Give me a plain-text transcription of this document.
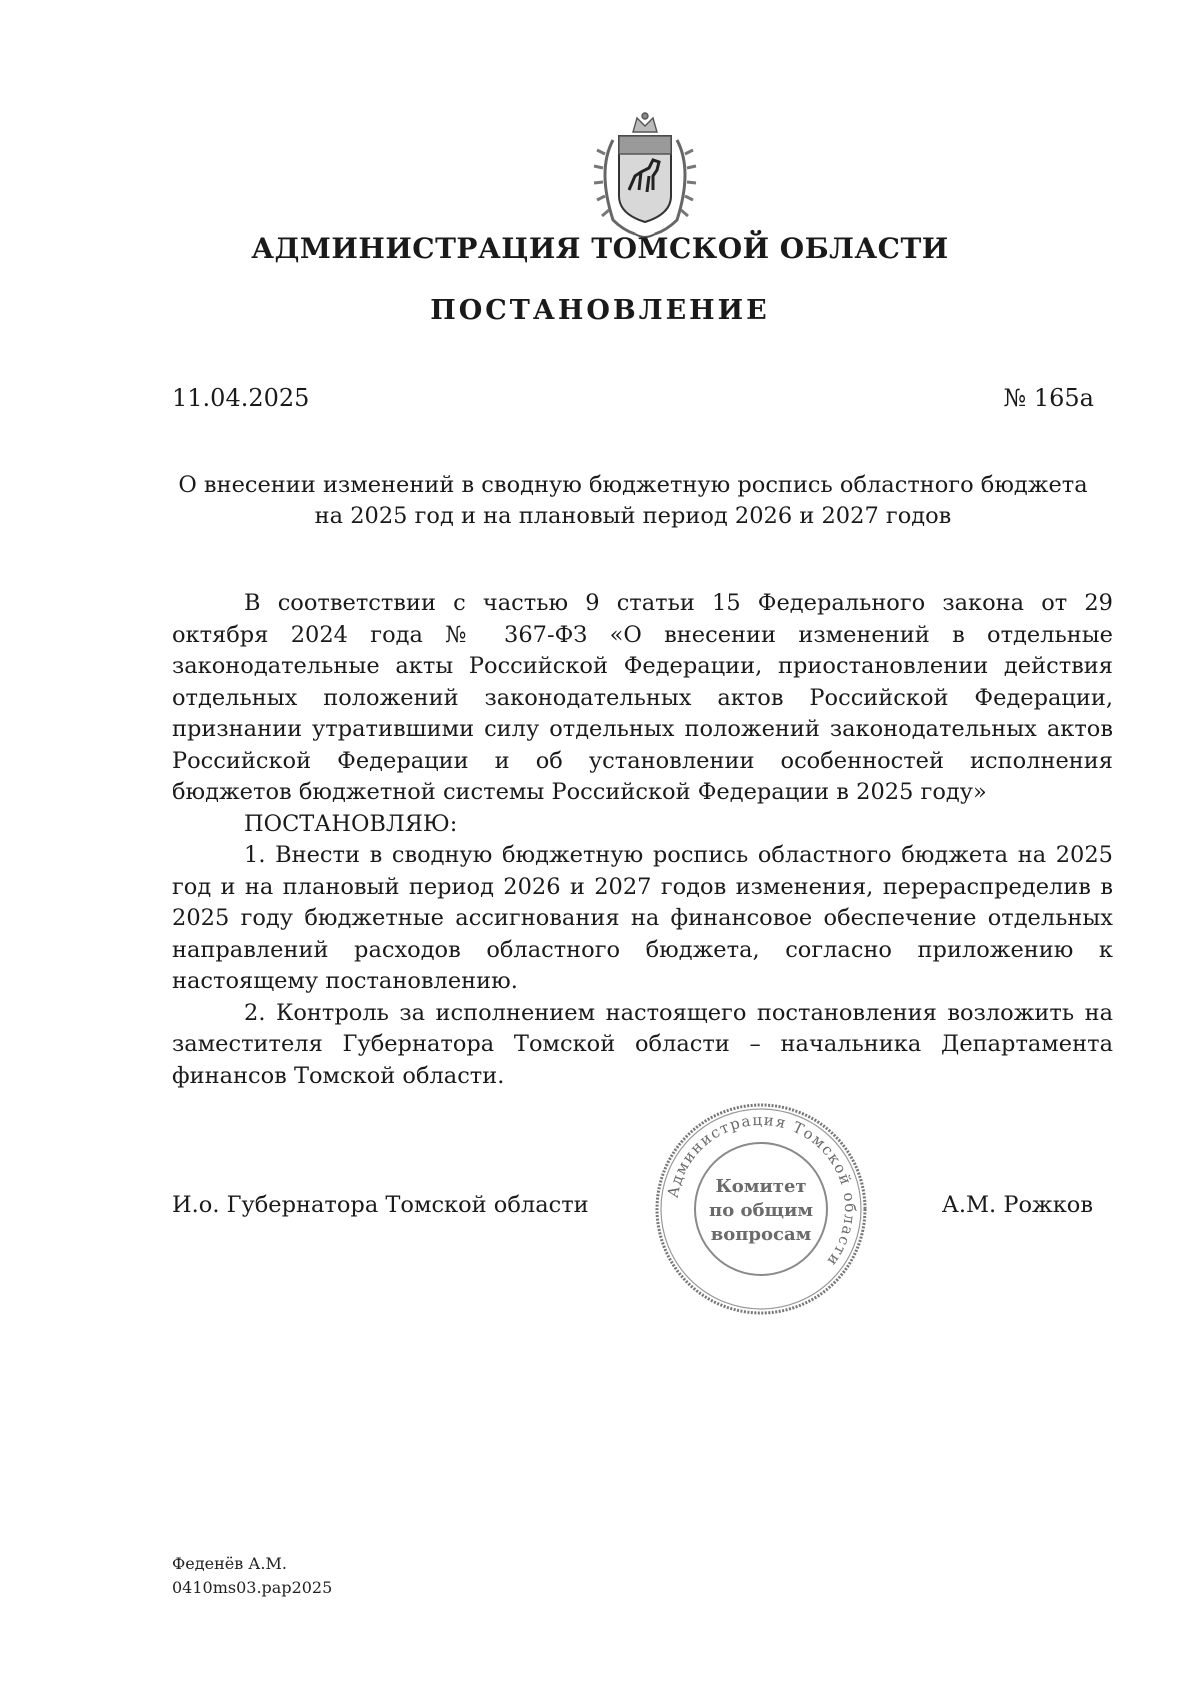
АДМИНИСТРАЦИЯ ТОМСКОЙ ОБЛАСТИ
ПОСТАНОВЛЕНИЕ
11.04.2025	№ 165а
О внесении изменений в сводную бюджетную роспись областного бюджета
на 2025 год и на плановый период 2026 и 2027 годов
В соответствии с частью 9 статьи 15 Федерального закона от 29 октября 2024 года № 367-ФЗ «О внесении изменений в отдельные законодательные акты Российской Федерации, приостановлении действия отдельных положений законодательных актов Российской Федерации, признании утратившими силу отдельных положений законодательных актов Российской Федерации и об установлении особенностей исполнения бюджетов бюджетной системы Российской Федерации в 2025 году»
ПОСТАНОВЛЯЮ:
1. Внести в сводную бюджетную роспись областного бюджета на 2025 год и на плановый период 2026 и 2027 годов изменения, перераспределив в 2025 году бюджетные ассигнования на финансовое обеспечение отдельных направлений расходов областного бюджета, согласно приложению к настоящему постановлению.
2. Контроль за исполнением настоящего постановления возложить на заместителя Губернатора Томской области – начальника Департамента финансов Томской области.
Администрация Томской области
Комитет
по общим
вопросам
И.о. Губернатора Томской области	А.М. Рожков
Феденёв А.М.
0410ms03.pap2025
